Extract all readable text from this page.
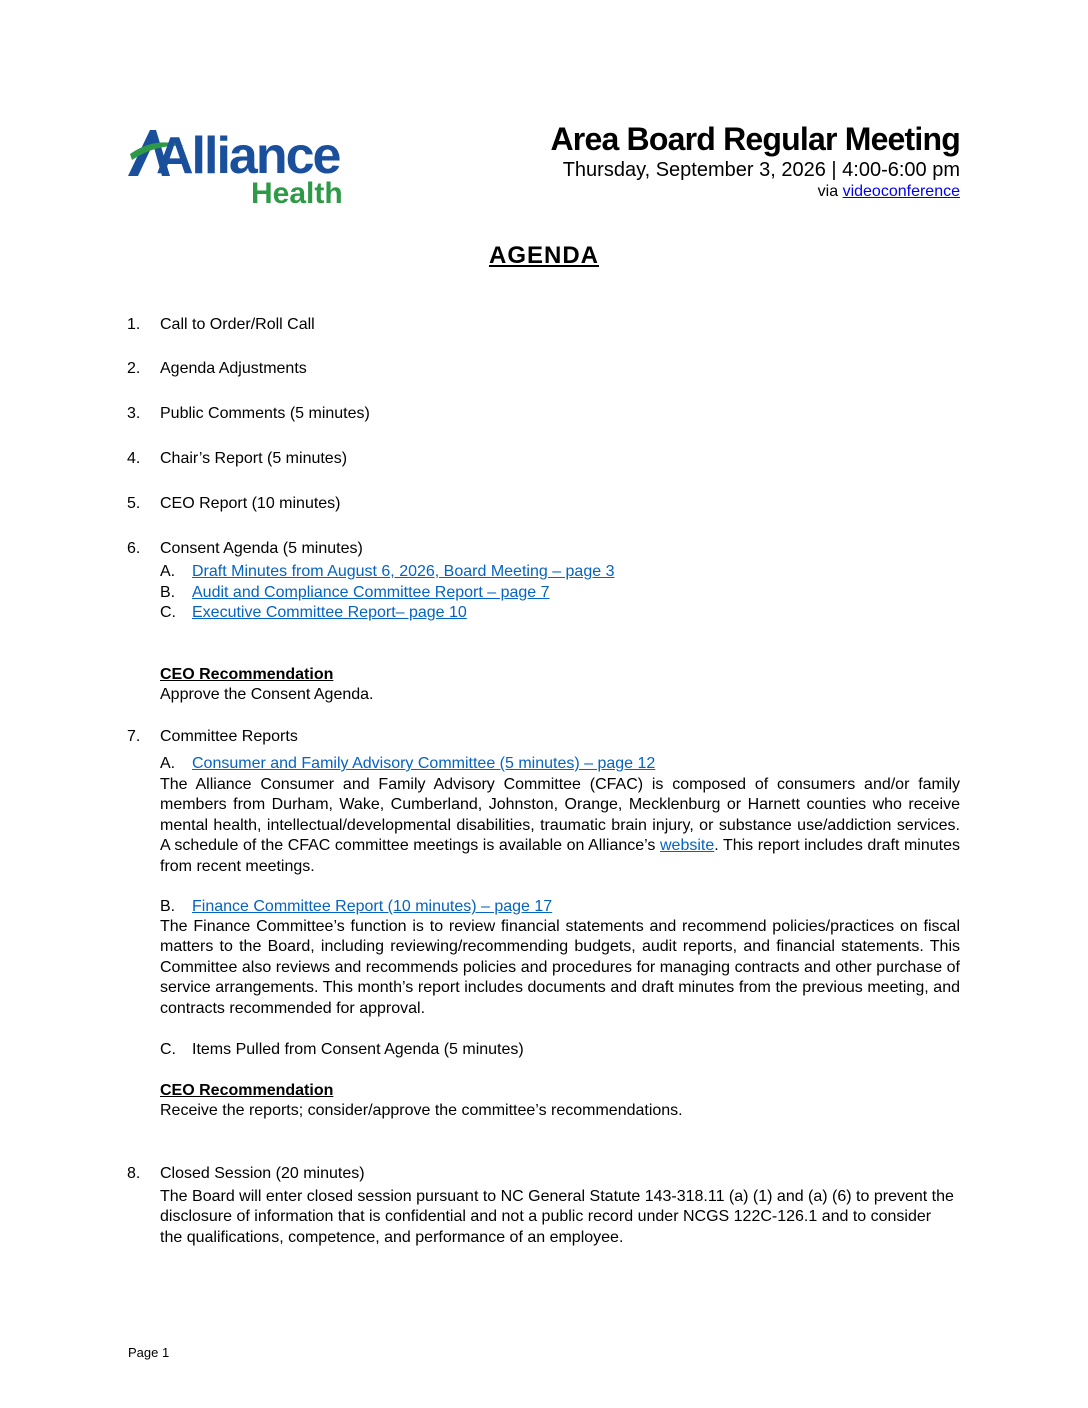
Alliance
Health
Area Board Regular Meeting
Thursday, September 3, 2026 | 4:00-6:00 pm
via videoconference
AGENDA
1. Call to Order/Roll Call
2. Agenda Adjustments
3. Public Comments (5 minutes)
4. Chair’s Report (5 minutes)
5. CEO Report (10 minutes)
6. Consent Agenda (5 minutes)
A. Draft Minutes from August 6, 2026, Board Meeting – page 3
B. Audit and Compliance Committee Report – page 7
C. Executive Committee Report– page 10
CEO Recommendation
Approve the Consent Agenda.
7. Committee Reports
A. Consumer and Family Advisory Committee (5 minutes) – page 12
The Alliance Consumer and Family Advisory Committee (CFAC) is composed of consumers and/or family members from Durham, Wake, Cumberland, Johnston, Orange, Mecklenburg or Harnett counties who receive mental health, intellectual/developmental disabilities, traumatic brain injury, or substance use/addiction services. A schedule of the CFAC committee meetings is available on Alliance’s website. This report includes draft minutes from recent meetings.
B. Finance Committee Report (10 minutes) – page 17
The Finance Committee’s function is to review financial statements and recommend policies/practices on fiscal matters to the Board, including reviewing/recommending budgets, audit reports, and financial statements. This Committee also reviews and recommends policies and procedures for managing contracts and other purchase of service arrangements. This month’s report includes documents and draft minutes from the previous meeting, and contracts recommended for approval.
C. Items Pulled from Consent Agenda (5 minutes)
CEO Recommendation
Receive the reports; consider/approve the committee’s recommendations.
8. Closed Session (20 minutes)
The Board will enter closed session pursuant to NC General Statute 143-318.11 (a) (1) and (a) (6) to prevent the disclosure of information that is confidential and not a public record under NCGS 122C-126.1 and to consider the qualifications, competence, and performance of an employee.
Page 1
